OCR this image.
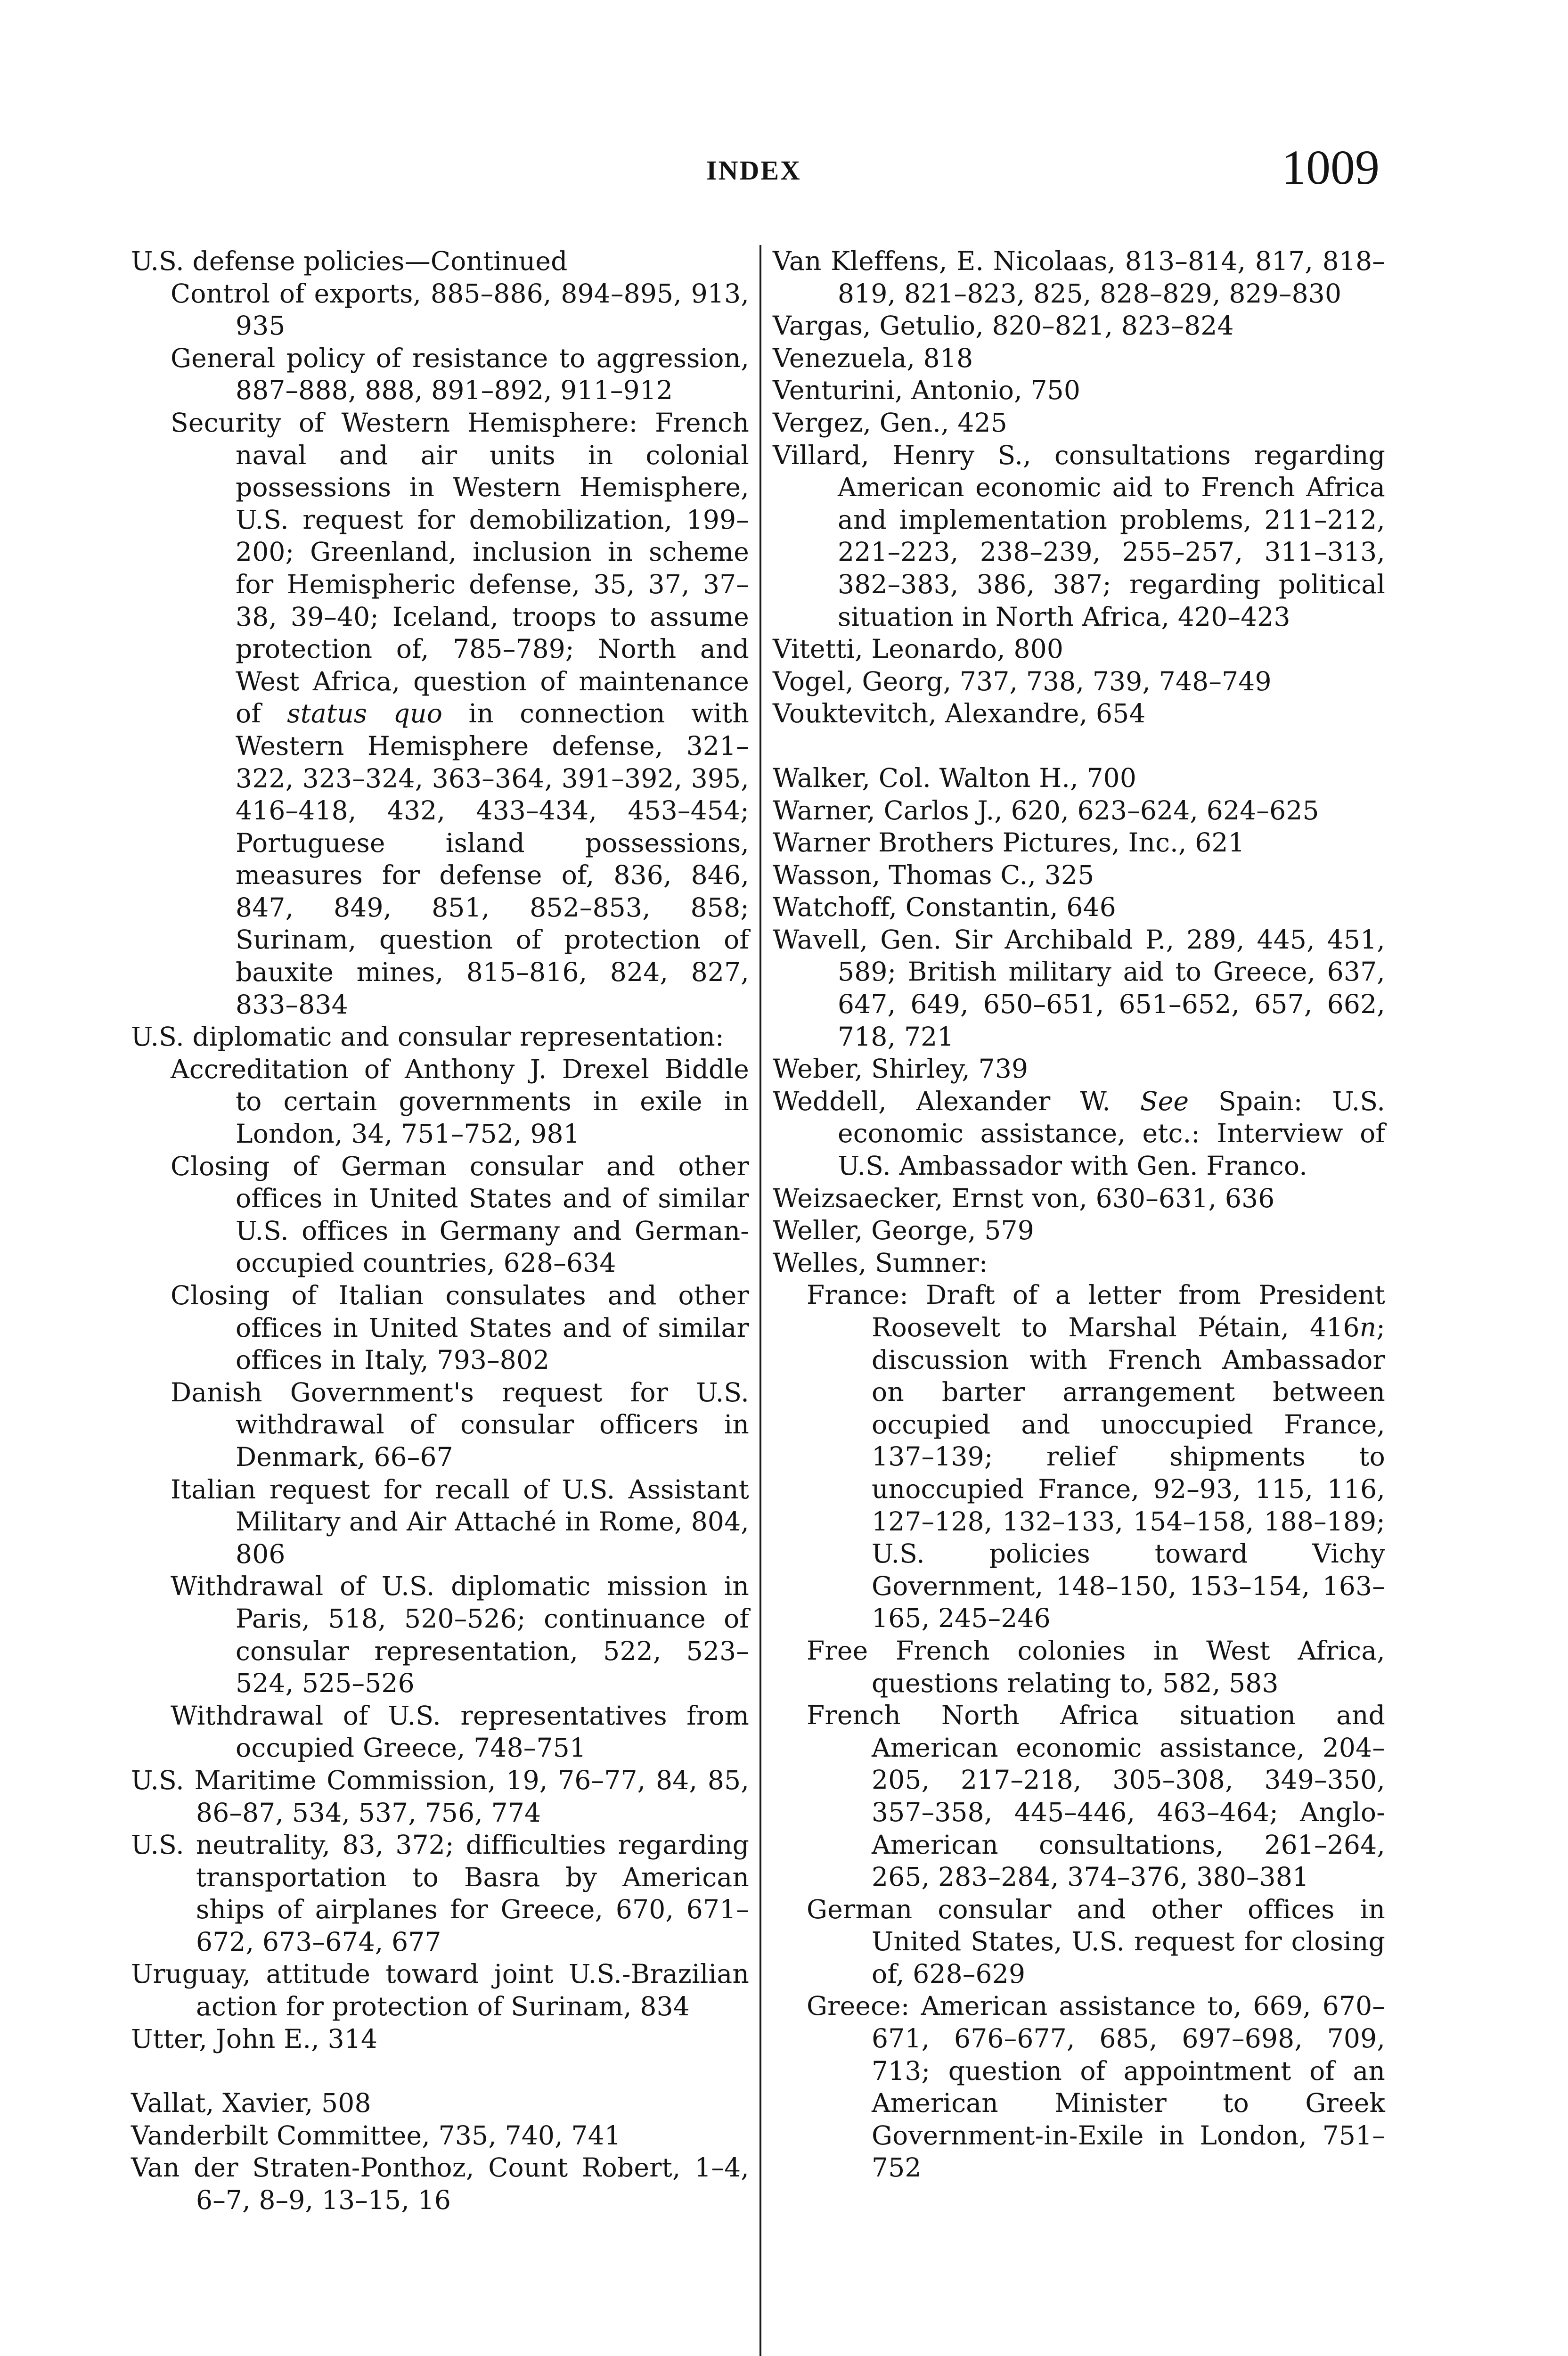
INDEX	1009

U.S. defense policies—Continued

Control of exports, 885–886, 894–895, 913, 935

General policy of resistance to aggression, 887–888, 888, 891–892, 911–912

Security of Western Hemisphere: French naval and air units in colonial possessions in Western Hemisphere, U.S. request for demobilization, 199–200; Greenland, inclusion in scheme for Hemispheric defense, 35, 37, 37–38, 39–40; Iceland, troops to assume protection of, 785–789; North and West Africa, question of maintenance of status quo in connection with Western Hemisphere defense, 321–322, 323–324, 363–364, 391–392, 395, 416–418, 432, 433–434, 453–454; Portuguese island possessions, measures for defense of, 836, 846, 847, 849, 851, 852–853, 858; Surinam, question of protection of bauxite mines, 815–816, 824, 827, 833–834

U.S. diplomatic and consular representation:

Accreditation of Anthony J. Drexel Biddle to certain governments in exile in London, 34, 751–752, 981

Closing of German consular and other offices in United States and of similar U.S. offices in Germany and German-occupied countries, 628–634

Closing of Italian consulates and other offices in United States and of similar offices in Italy, 793–802

Danish Government's request for U.S. withdrawal of consular officers in Denmark, 66–67

Italian request for recall of U.S. Assistant Military and Air Attaché in Rome, 804, 806

Withdrawal of U.S. diplomatic mission in Paris, 518, 520–526; continuance of consular representation, 522, 523–524, 525–526

Withdrawal of U.S. representatives from occupied Greece, 748–751

U.S. Maritime Commission, 19, 76–77, 84, 85, 86–87, 534, 537, 756, 774

U.S. neutrality, 83, 372; difficulties regarding transportation to Basra by American ships of airplanes for Greece, 670, 671–672, 673–674, 677

Uruguay, attitude toward joint U.S.-Brazilian action for protection of Surinam, 834

Utter, John E., 314

Vallat, Xavier, 508

Vanderbilt Committee, 735, 740, 741

Van der Straten-Ponthoz, Count Robert, 1–4, 6–7, 8–9, 13–15, 16

Van Kleffens, E. Nicolaas, 813–814, 817, 818–819, 821–823, 825, 828–829, 829–830

Vargas, Getulio, 820–821, 823–824

Venezuela, 818

Venturini, Antonio, 750

Vergez, Gen., 425

Villard, Henry S., consultations regarding American economic aid to French Africa and implementation problems, 211–212, 221–223, 238–239, 255–257, 311–313, 382–383, 386, 387; regarding political situation in North Africa, 420–423

Vitetti, Leonardo, 800

Vogel, Georg, 737, 738, 739, 748–749

Vouktevitch, Alexandre, 654

Walker, Col. Walton H., 700

Warner, Carlos J., 620, 623–624, 624–625

Warner Brothers Pictures, Inc., 621

Wasson, Thomas C., 325

Watchoff, Constantin, 646

Wavell, Gen. Sir Archibald P., 289, 445, 451, 589; British military aid to Greece, 637, 647, 649, 650–651, 651–652, 657, 662, 718, 721

Weber, Shirley, 739

Weddell, Alexander W. See Spain: U.S. economic assistance, etc.: Interview of U.S. Ambassador with Gen. Franco.

Weizsaecker, Ernst von, 630–631, 636

Weller, George, 579

Welles, Sumner:

France: Draft of a letter from President Roosevelt to Marshal Pétain, 416n; discussion with French Ambassador on barter arrangement between occupied and unoccupied France, 137–139; relief shipments to unoccupied France, 92–93, 115, 116, 127–128, 132–133, 154–158, 188–189; U.S. policies toward Vichy Government, 148–150, 153–154, 163–165, 245–246

Free French colonies in West Africa, questions relating to, 582, 583

French North Africa situation and American economic assistance, 204–205, 217–218, 305–308, 349–350, 357–358, 445–446, 463–464; Anglo-American consultations, 261–264, 265, 283–284, 374–376, 380–381

German consular and other offices in United States, U.S. request for closing of, 628–629

Greece: American assistance to, 669, 670–671, 676–677, 685, 697–698, 709, 713; question of appointment of an American Minister to Greek Government-in-Exile in London, 751–752
